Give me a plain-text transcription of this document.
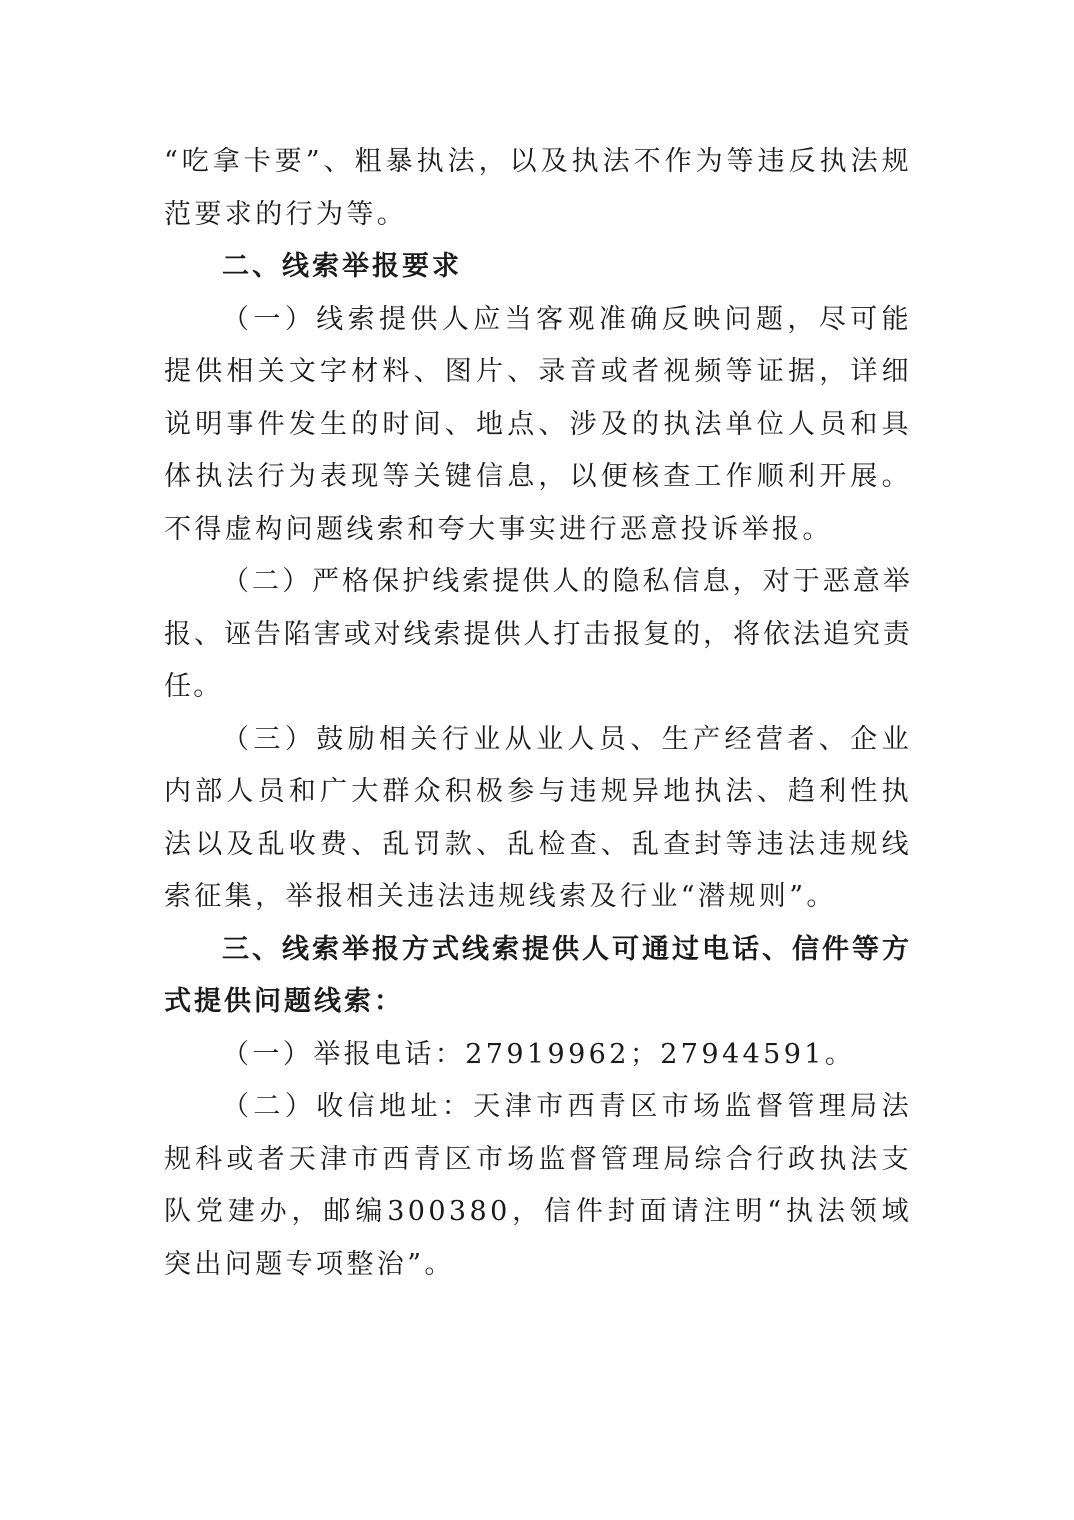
“吃拿卡要”、粗暴执法，以及执法不作为等违反执法规范要求的行为等。

二、线索举报要求

（一）线索提供人应当客观准确反映问题，尽可能提供相关文字材料、图片、录音或者视频等证据，详细说明事件发生的时间、地点、涉及的执法单位人员和具体执法行为表现等关键信息，以便核查工作顺利开展。不得虚构问题线索和夸大事实进行恶意投诉举报。

（二）严格保护线索提供人的隐私信息，对于恶意举报、诬告陷害或对线索提供人打击报复的，将依法追究责任。

（三）鼓励相关行业从业人员、生产经营者、企业内部人员和广大群众积极参与违规异地执法、趋利性执法以及乱收费、乱罚款、乱检查、乱查封等违法违规线索征集，举报相关违法违规线索及行业“潜规则”。

三、线索举报方式线索提供人可通过电话、信件等方式提供问题线索：

（一）举报电话：27919962；27944591。

（二）收信地址：天津市西青区市场监督管理局法规科或者天津市西青区市场监督管理局综合行政执法支队党建办，邮编300380，信件封面请注明“执法领域突出问题专项整治”。
